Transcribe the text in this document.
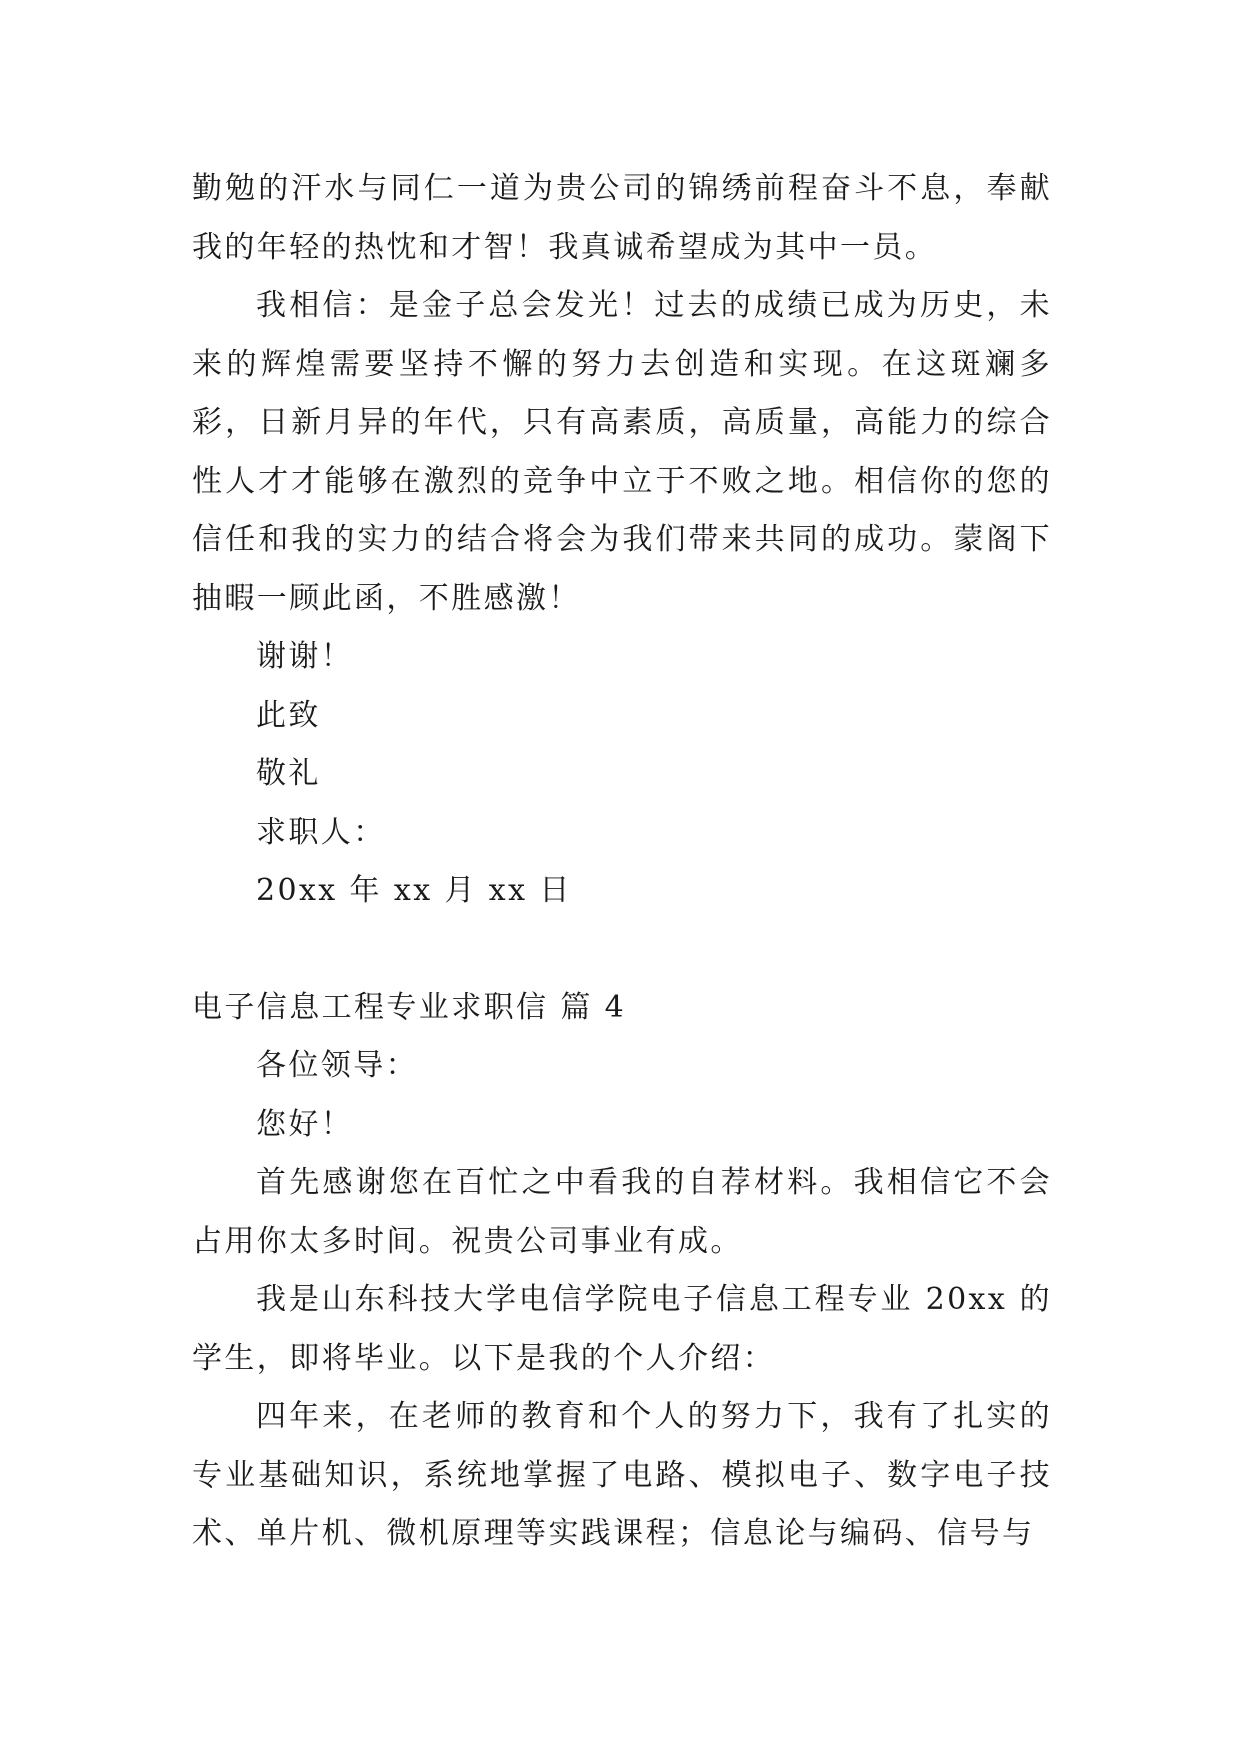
勤勉的汗水与同仁一道为贵公司的锦绣前程奋斗不息，奉献我的年轻的热忱和才智！我真诚希望成为其中一员。

我相信：是金子总会发光！过去的成绩已成为历史，未来的辉煌需要坚持不懈的努力去创造和实现。在这斑斓多彩，日新月异的年代，只有高素质，高质量，高能力的综合性人才才能够在激烈的竞争中立于不败之地。相信你的您的信任和我的实力的结合将会为我们带来共同的成功。蒙阁下抽暇一顾此函，不胜感激！

谢谢！

此致

敬礼

求职人：

20xx 年 xx 月 xx 日

电子信息工程专业求职信 篇 4

各位领导：

您好！

首先感谢您在百忙之中看我的自荐材料。我相信它不会占用你太多时间。祝贵公司事业有成。

我是山东科技大学电信学院电子信息工程专业 20xx 的学生，即将毕业。以下是我的个人介绍：

四年来，在老师的教育和个人的努力下，我有了扎实的专业基础知识，系统地掌握了电路、模拟电子、数字电子技术、单片机、微机原理等实践课程；信息论与编码、信号与
